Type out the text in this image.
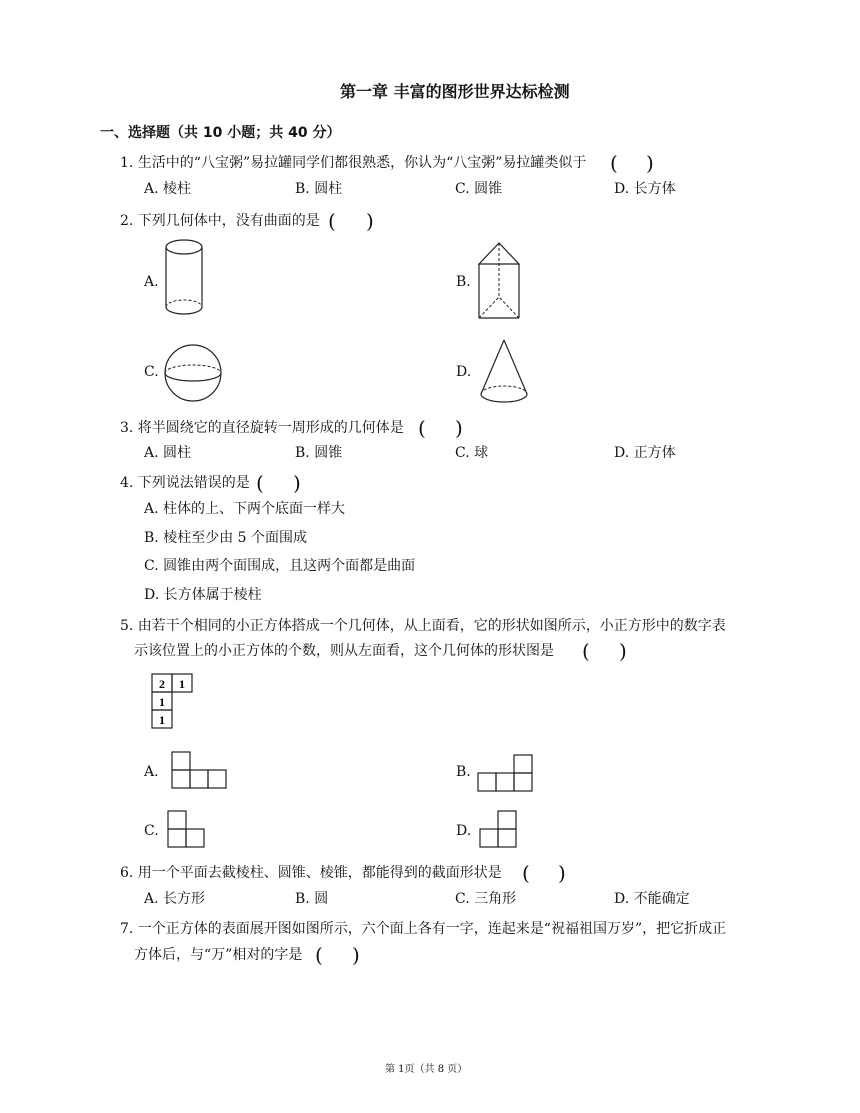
第一章 丰富的图形世界达标检测
一、选择题（共 10 小题；共 40 分）
1. 生活中的“八宝粥”易拉罐同学们都很熟悉，你认为“八宝粥”易拉罐类似于 ( )
A. 棱柱	B. 圆柱	C. 圆锥	D. 长方体
2. 下列几何体中，没有曲面的是 ( )
A.	B.
C.	D.
3. 将半圆绕它的直径旋转一周形成的几何体是 ( )
A. 圆柱	B. 圆锥	C. 球	D. 正方体
4. 下列说法错误的是 ( )
A. 柱体的上、下两个底面一样大
B. 棱柱至少由 5 个面围成
C. 圆锥由两个面围成，且这两个面都是曲面
D. 长方体属于棱柱
5. 由若干个相同的小正方体搭成一个几何体，从上面看，它的形状如图所示，小正方形中的数字表
示该位置上的小正方体的个数，则从左面看，这个几何体的形状图是 ( )
2 1
1
1
A.	B.
C.	D.
6. 用一个平面去截棱柱、圆锥、棱锥，都能得到的截面形状是 ( )
A. 长方形	B. 圆	C. 三角形	D. 不能确定
7. 一个正方体的表面展开图如图所示，六个面上各有一字，连起来是“祝福祖国万岁”，把它折成正
方体后，与“万”相对的字是 ( )
第 1页（共 8 页）
